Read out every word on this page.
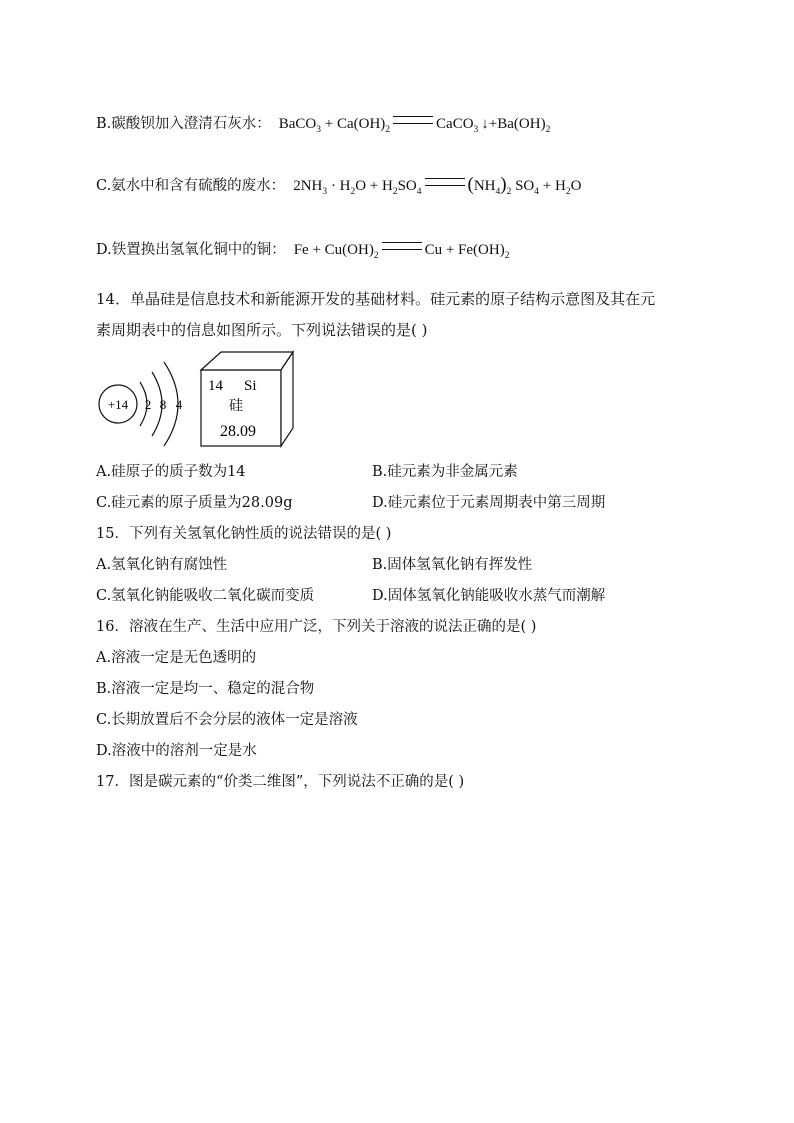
B.碳酸钡加入澄清石灰水： BaCO$_3$ + $Ca(OH)_2$	CaCO$_3$ $↓+Ba(OH)_2$
C.氨水中和含有硫酸的废水： $2NH_3 \cdot H_2O + H_2SO_4$ $(NH_4)_2$ $SO_4 + H_2O$
D.铁置换出氢氧化铜中的铜： $Fe + Cu(OH)_2$	$Cu + Fe(OH)_2$
14．单晶硅是信息技术和新能源开发的基础材料。硅元素的原子结构示意图及其在元
素周期表中的信息如图所示。下列说法错误的是( )
+14 2 8 4
14 Si
硅
28.09
A.硅原子的质子数为14	B.硅元素为非金属元素
C.硅元素的原子质量为28.09g	D.硅元素位于元素周期表中第三周期
15．下列有关氢氧化钠性质的说法错误的是( )
A.氢氧化钠有腐蚀性	B.固体氢氧化钠有挥发性
C.氢氧化钠能吸收二氧化碳而变质	D.固体氢氧化钠能吸收水蒸气而潮解
16．溶液在生产、生活中应用广泛，下列关于溶液的说法正确的是( )
A.溶液一定是无色透明的
B.溶液一定是均一、稳定的混合物
C.长期放置后不会分层的液体一定是溶液
D.溶液中的溶剂一定是水
17．图是碳元素的“价类二维图”，下列说法不正确的是( )
